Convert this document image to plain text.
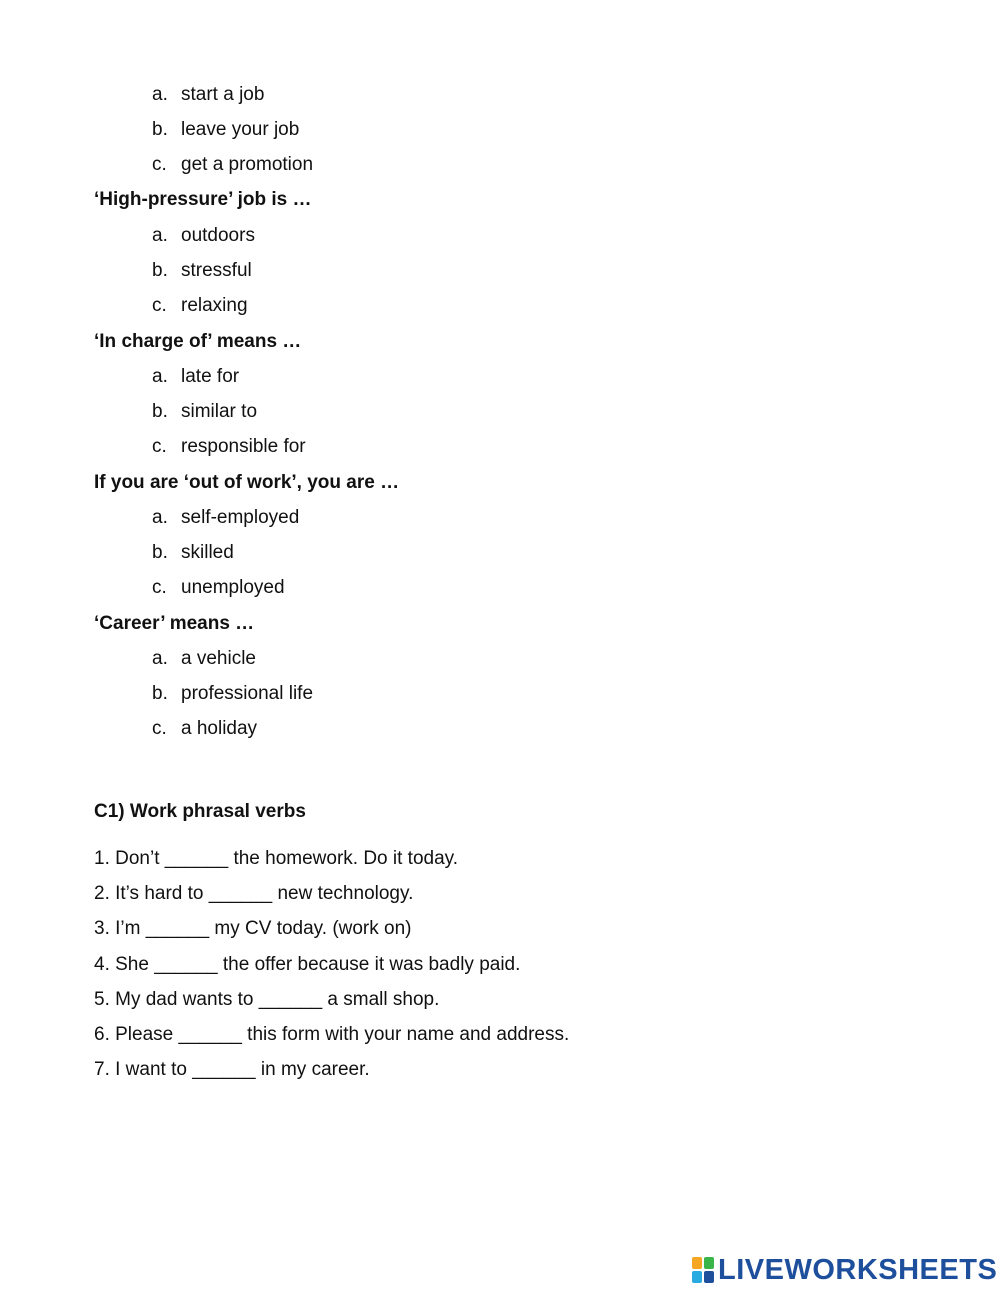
a. start a job
b. leave your job
c. get a promotion
‘High-pressure’ job is …
a. outdoors
b. stressful
c. relaxing
‘In charge of’ means …
a. late for
b. similar to
c. responsible for
If you are ‘out of work’, you are …
a. self-employed
b. skilled
c. unemployed
‘Career’ means …
a. a vehicle
b. professional life
c. a holiday
C1) Work phrasal verbs
1. Don’t ______ the homework. Do it today.
2. It’s hard to ______ new technology.
3. I’m ______ my CV today. (work on)
4. She ______ the offer because it was badly paid.
5. My dad wants to ______ a small shop.
6. Please ______ this form with your name and address.
7. I want to ______ in my career.
LIVEWORKSHEETS
